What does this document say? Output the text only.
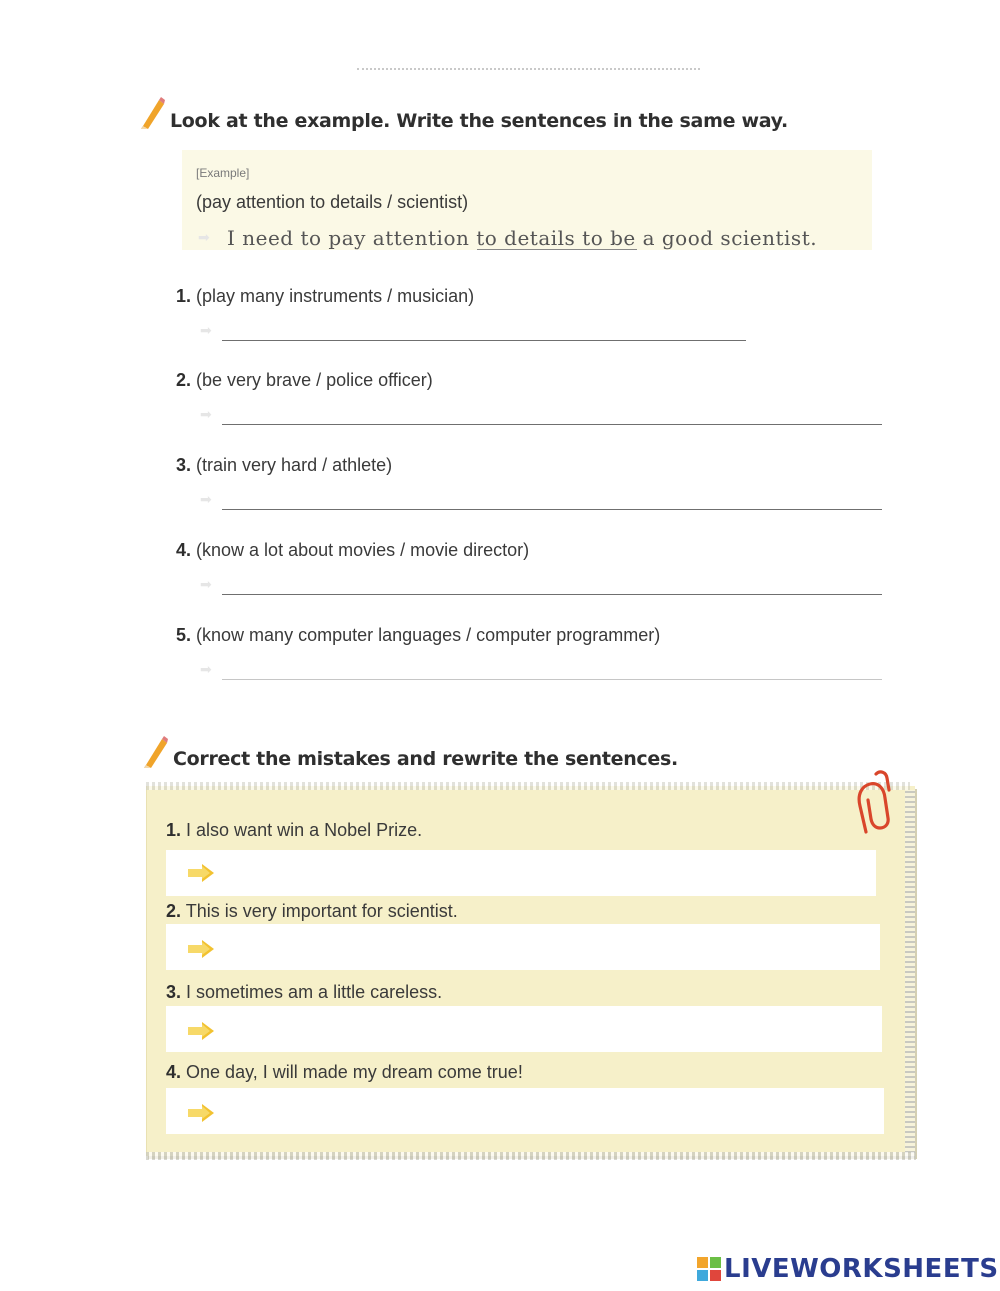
Look at the example. Write the sentences in the same way.
[Example]
(pay attention to details / scientist)
➡ I need to pay attention to details to be a good scientist.
1. (play many instruments / musician)
➡
2. (be very brave / police officer)
➡
3. (train very hard / athlete)
➡
4. (know a lot about movies / movie director)
➡
5. (know many computer languages / computer programmer)
➡
Correct the mistakes and rewrite the sentences.
1. I also want win a Nobel Prize.
2. This is very important for scientist.
3. I sometimes am a little careless.
4. One day, I will made my dream come true!
LIVEWORKSHEETS
